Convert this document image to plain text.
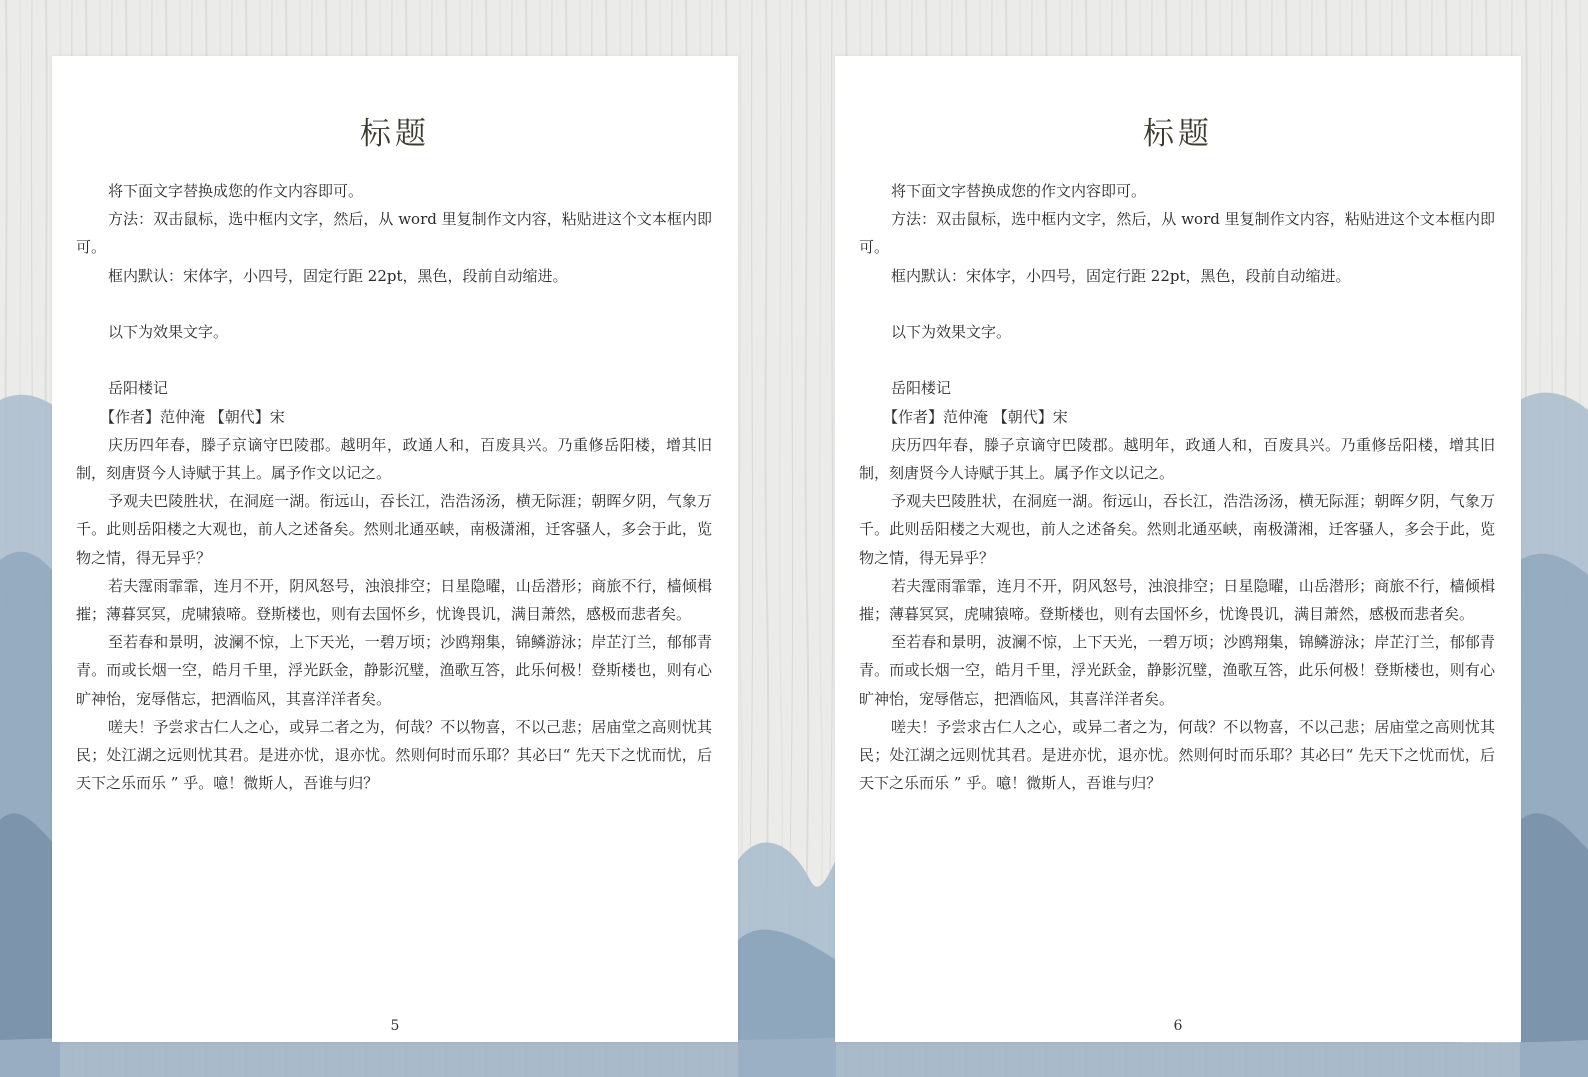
标题

将下面文字替换成您的作文内容即可。

方法：双击鼠标，选中框内文字，然后，从 word 里复制作文内容，粘贴进这个文本框内即可。

框内默认：宋体字，小四号，固定行距 22pt，黑色，段前自动缩进。

以下为效果文字。

岳阳楼记

【作者】范仲淹 【朝代】宋

庆历四年春，滕子京谪守巴陵郡。越明年，政通人和，百废具兴。乃重修岳阳楼，增其旧制，刻唐贤今人诗赋于其上。属予作文以记之。

予观夫巴陵胜状，在洞庭一湖。衔远山，吞长江，浩浩汤汤，横无际涯；朝晖夕阴，气象万千。此则岳阳楼之大观也，前人之述备矣。然则北通巫峡，南极潇湘，迁客骚人，多会于此，览物之情，得无异乎？

若夫霪雨霏霏，连月不开，阴风怒号，浊浪排空；日星隐曜，山岳潜形；商旅不行，樯倾楫摧；薄暮冥冥，虎啸猿啼。登斯楼也，则有去国怀乡，忧谗畏讥，满目萧然，感极而悲者矣。

至若春和景明，波澜不惊，上下天光，一碧万顷；沙鸥翔集，锦鳞游泳；岸芷汀兰，郁郁青青。而或长烟一空，皓月千里，浮光跃金，静影沉璧，渔歌互答，此乐何极！登斯楼也，则有心旷神怡，宠辱偕忘，把酒临风，其喜洋洋者矣。

嗟夫！予尝求古仁人之心，或异二者之为，何哉？不以物喜，不以己悲；居庙堂之高则忧其民；处江湖之远则忧其君。是进亦忧，退亦忧。然则何时而乐耶？其必曰“ 先天下之忧而忧，后天下之乐而乐 ” 乎。噫！微斯人，吾谁与归？

5
标题

将下面文字替换成您的作文内容即可。

方法：双击鼠标，选中框内文字，然后，从 word 里复制作文内容，粘贴进这个文本框内即可。

框内默认：宋体字，小四号，固定行距 22pt，黑色，段前自动缩进。

以下为效果文字。

岳阳楼记

【作者】范仲淹 【朝代】宋

庆历四年春，滕子京谪守巴陵郡。越明年，政通人和，百废具兴。乃重修岳阳楼，增其旧制，刻唐贤今人诗赋于其上。属予作文以记之。

予观夫巴陵胜状，在洞庭一湖。衔远山，吞长江，浩浩汤汤，横无际涯；朝晖夕阴，气象万千。此则岳阳楼之大观也，前人之述备矣。然则北通巫峡，南极潇湘，迁客骚人，多会于此，览物之情，得无异乎？

若夫霪雨霏霏，连月不开，阴风怒号，浊浪排空；日星隐曜，山岳潜形；商旅不行，樯倾楫摧；薄暮冥冥，虎啸猿啼。登斯楼也，则有去国怀乡，忧谗畏讥，满目萧然，感极而悲者矣。

至若春和景明，波澜不惊，上下天光，一碧万顷；沙鸥翔集，锦鳞游泳；岸芷汀兰，郁郁青青。而或长烟一空，皓月千里，浮光跃金，静影沉璧，渔歌互答，此乐何极！登斯楼也，则有心旷神怡，宠辱偕忘，把酒临风，其喜洋洋者矣。

嗟夫！予尝求古仁人之心，或异二者之为，何哉？不以物喜，不以己悲；居庙堂之高则忧其民；处江湖之远则忧其君。是进亦忧，退亦忧。然则何时而乐耶？其必曰“ 先天下之忧而忧，后天下之乐而乐 ” 乎。噫！微斯人，吾谁与归？

6
